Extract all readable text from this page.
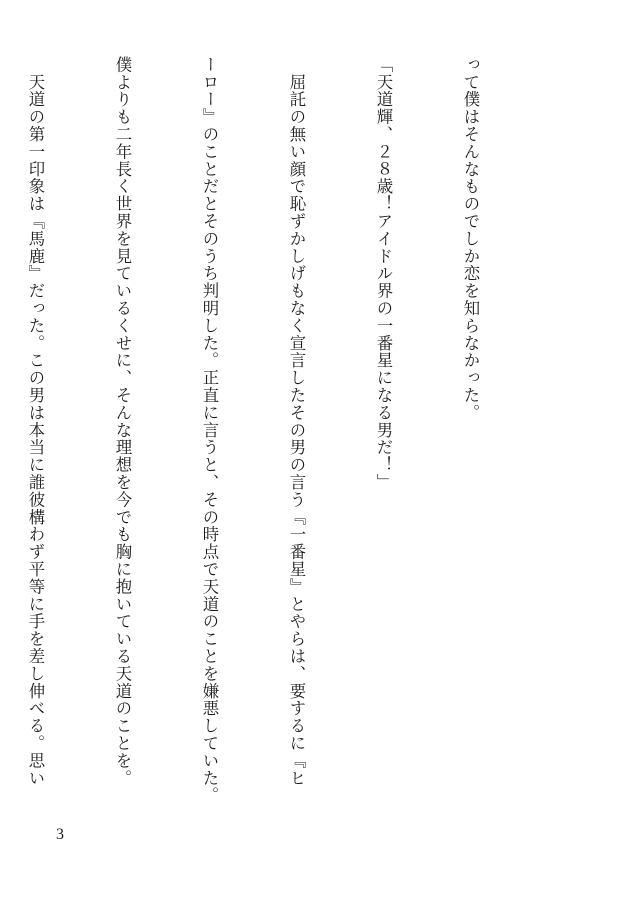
って僕はそんなものでしか恋を知らなかった。

「天道輝、２８歳！アイドル界の一番星になる男だ！」

　屈託の無い顔で恥ずかしげもなく宣言したその男の言う『一番星』とやらは、要するに『ヒ

ーロー』のことだとそのうち判明した。正直に言うと、その時点で天道のことを嫌悪していた。

僕よりも二年長く世界を見ているくせに、そんな理想を今でも胸に抱いている天道のことを。

　天道の第一印象は『馬鹿』だった。この男は本当に誰彼構わず平等に手を差し伸べる。思い

3
